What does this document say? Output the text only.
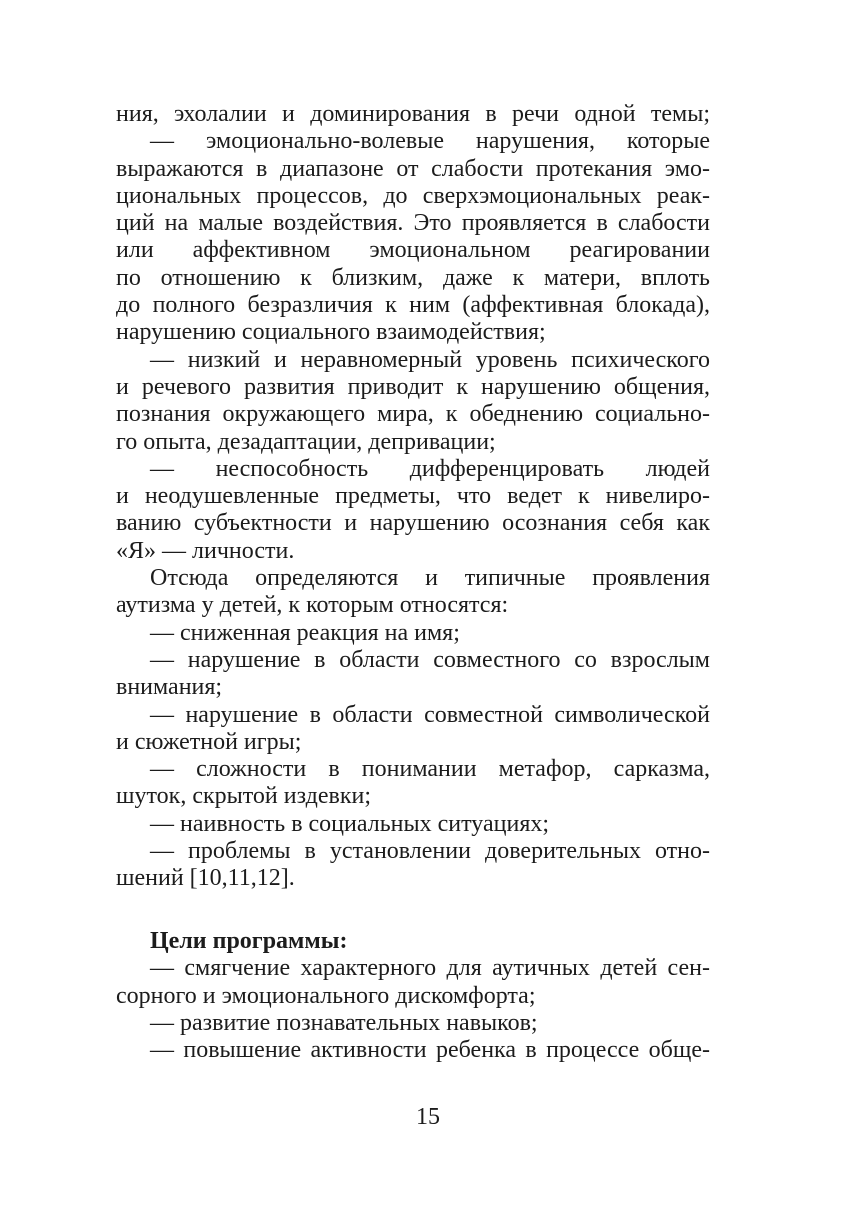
ния, эхолалии и доминирования в речи одной темы;
— эмоционально-волевые нарушения, которые
выражаются в диапазоне от слабости протекания эмо-
циональных процессов, до сверхэмоциональных реак-
ций на малые воздействия. Это проявляется в слабости
или аффективном эмоциональном реагировании
по отношению к близким, даже к матери, вплоть
до полного безразличия к ним (аффективная блокада),
нарушению социального взаимодействия;
— низкий и неравномерный уровень психического
и речевого развития приводит к нарушению общения,
познания окружающего мира, к обеднению социально-
го опыта, дезадаптации, депривации;
— неспособность дифференцировать людей
и неодушевленные предметы, что ведет к нивелиро-
ванию субъектности и нарушению осознания себя как
«Я» — личности.
Отсюда определяются и типичные проявления
аутизма у детей, к которым относятся:
— сниженная реакция на имя;
— нарушение в области совместного со взрослым
внимания;
— нарушение в области совместной символической
и сюжетной игры;
— сложности в понимании метафор, сарказма,
шуток, скрытой издевки;
— наивность в социальных ситуациях;
— проблемы в установлении доверительных отно-
шений [10,11,12].
Цели программы:
— смягчение характерного для аутичных детей сен-
сорного и эмоционального дискомфорта;
— развитие познавательных навыков;
— повышение активности ребенка в процессе обще-
15
